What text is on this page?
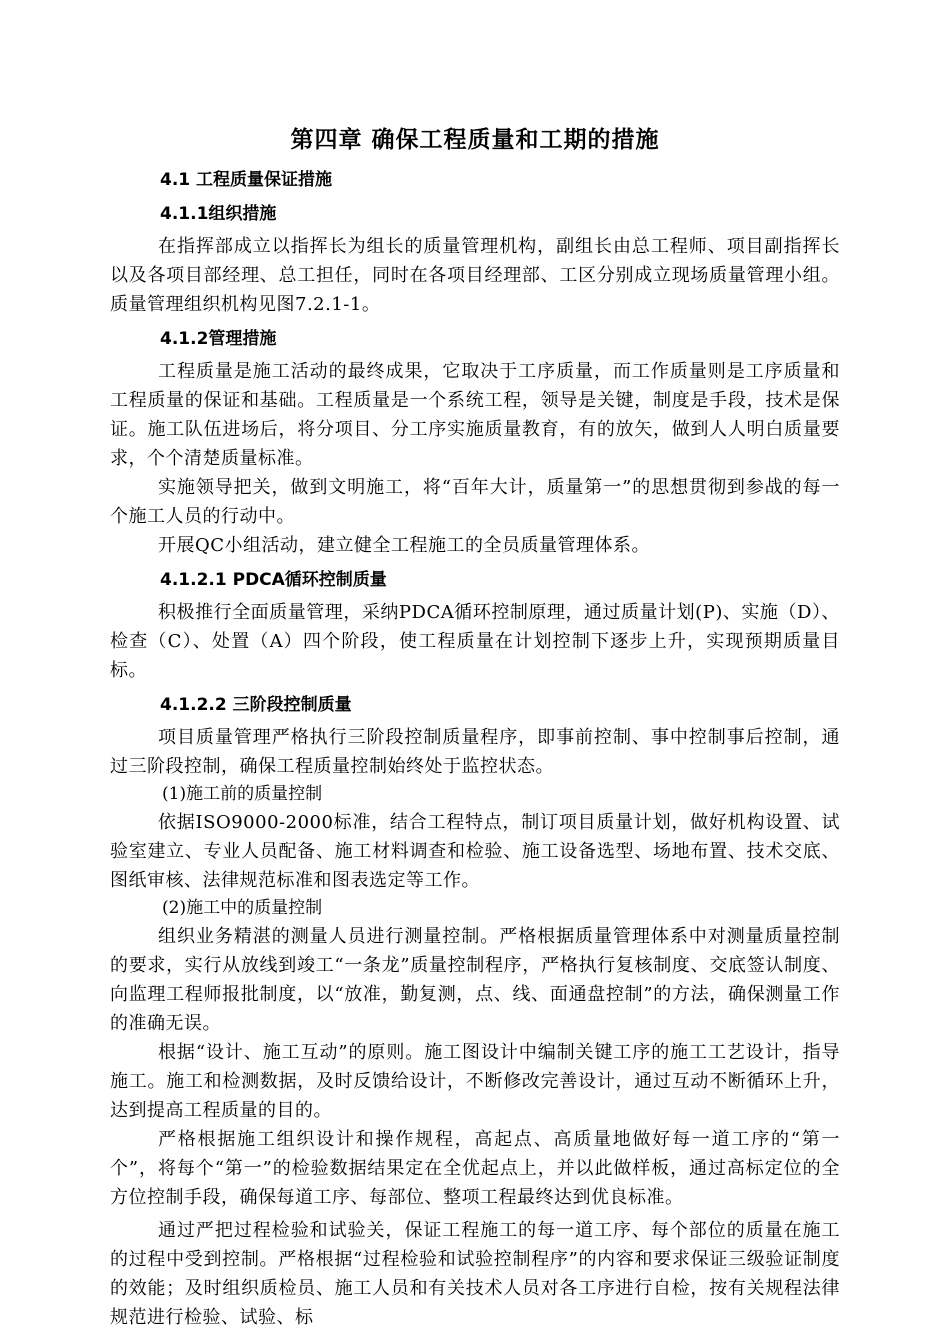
第四章 确保工程质量和工期的措施
4.1 工程质量保证措施
4.1.1组织措施

在指挥部成立以指挥长为组长的质量管理机构，副组长由总工程师、项目副指挥长以及各项目部经理、总工担任，同时在各项目经理部、工区分别成立现场质量管理小组。质量管理组织机构见图7.2.1-1。

4.1.2管理措施

工程质量是施工活动的最终成果，它取决于工序质量，而工作质量则是工序质量和工程质量的保证和基础。工程质量是一个系统工程，领导是关键，制度是手段，技术是保证。施工队伍进场后，将分项目、分工序实施质量教育，有的放矢，做到人人明白质量要求，个个清楚质量标准。

实施领导把关，做到文明施工，将“百年大计，质量第一”的思想贯彻到参战的每一个施工人员的行动中。

开展QC小组活动，建立健全工程施工的全员质量管理体系。

4.1.2.1 PDCA循环控制质量

积极推行全面质量管理，采纳PDCA循环控制原理，通过质量计划(P)、实施（D）、检查（C）、处置（A）四个阶段，使工程质量在计划控制下逐步上升，实现预期质量目标。

4.1.2.2 三阶段控制质量

项目质量管理严格执行三阶段控制质量程序，即事前控制、事中控制事后控制，通过三阶段控制，确保工程质量控制始终处于监控状态。

(1)施工前的质量控制

依据ISO9000-2000标准，结合工程特点，制订项目质量计划，做好机构设置、试验室建立、专业人员配备、施工材料调查和检验、施工设备选型、场地布置、技术交底、图纸审核、法律规范标准和图表选定等工作。

(2)施工中的质量控制

组织业务精湛的测量人员进行测量控制。严格根据质量管理体系中对测量质量控制的要求，实行从放线到竣工“一条龙”质量控制程序，严格执行复核制度、交底签认制度、向监理工程师报批制度，以“放准，勤复测，点、线、面通盘控制”的方法，确保测量工作的准确无误。

根据“设计、施工互动”的原则。施工图设计中编制关键工序的施工工艺设计，指导施工。施工和检测数据，及时反馈给设计，不断修改完善设计，通过互动不断循环上升，达到提高工程质量的目的。

严格根据施工组织设计和操作规程，高起点、高质量地做好每一道工序的“第一个”，将每个“第一”的检验数据结果定在全优起点上，并以此做样板，通过高标定位的全方位控制手段，确保每道工序、每部位、整项工程最终达到优良标准。

通过严把过程检验和试验关，保证工程施工的每一道工序、每个部位的质量在施工的过程中受到控制。严格根据“过程检验和试验控制程序”的内容和要求保证三级验证制度的效能；及时组织质检员、施工人员和有关技术人员对各工序进行自检，按有关规程法律规范进行检验、试验、标
